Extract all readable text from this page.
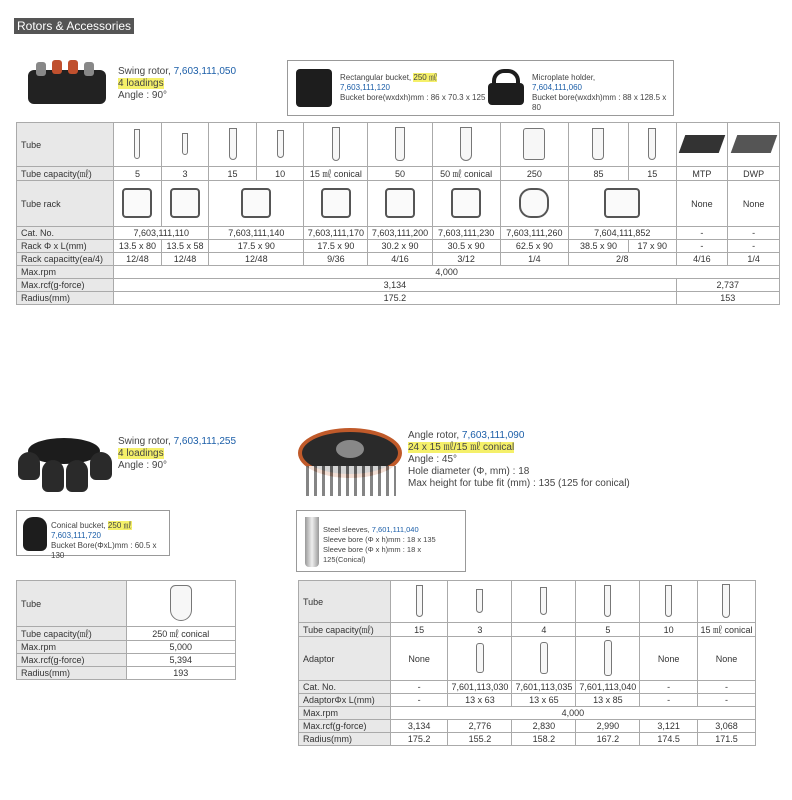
Rotors & Accessories
Swing rotor, 7,603,111,050
4 loadings
Angle : 90°
Rectangular bucket, 250 ㎖
7,603,111,120
Bucket bore(wxdxh)mm : 86 x 70.3 x 125
Microplate holder,
7,604,111,060
Bucket bore(wxdxh)mm : 88 x 128.5 x 80
Tube												
Tube capacity(㎖)	5	3	15	10	15 ㎖ conical	50	50 ㎖ conical	250	85	15	MTP	DWP
Tube rack											None	None
Cat. No.	7,603,111,110		7,603,111,140		7,603,111,170	7,603,111,200	7,603,111,230	7,603,111,260	7,604,111,852		-	-
Rack Φ x L(mm)	13.5 x 80	13.5 x 58	17.5 x 90		17.5 x 90	30.2 x 90	30.5 x 90	62.5 x 90	38.5 x 90	17 x 90	-	-
Rack capacitty(ea/4)	12/48	12/48	12/48		9/36	4/16	3/12	1/4	2/8		4/16	1/4
Max.rpm	4,000											
Max.rcf(g-force)	3,134										2,737	
Radius(mm)	175.2										153	
Swing rotor, 7,603,111,255
4 loadings
Angle : 90°
Angle rotor, 7,603,111,090
24 x 15 ㎖/15 ㎖ conical
Angle : 45°
Hole diameter (Φ, mm) : 18
Max height for tube fit (mm) : 135 (125 for conical)
Conical bucket, 250 ㎖
7,603,111,720
Bucket Bore(ΦxL)mm : 60.5 x 130
Steel sleeves, 7,601,111,040
Sleeve bore (Φ x h)mm : 18 x 135
Sleeve bore (Φ x h)mm : 18 x 125(Conical)
Tube	
Tube capacity(㎖)	250 ㎖ conical
Max.rpm	5,000
Max.rcf(g-force)	5,394
Radius(mm)	193
Tube						
Tube capacity(㎖)	15	3	4	5	10	15 ㎖ conical
Adaptor	None				None	None
Cat. No.	-	7,601,113,030	7,601,113,035	7,601,113,040	-	-
AdaptorΦx L(mm)	-	13 x 63	13 x 65	13 x 85	-	-
Max.rpm	4,000					
Max.rcf(g-force)	3,134	2,776	2,830	2,990	3,121	3,068
Radius(mm)	175.2	155.2	158.2	167.2	174.5	171.5
